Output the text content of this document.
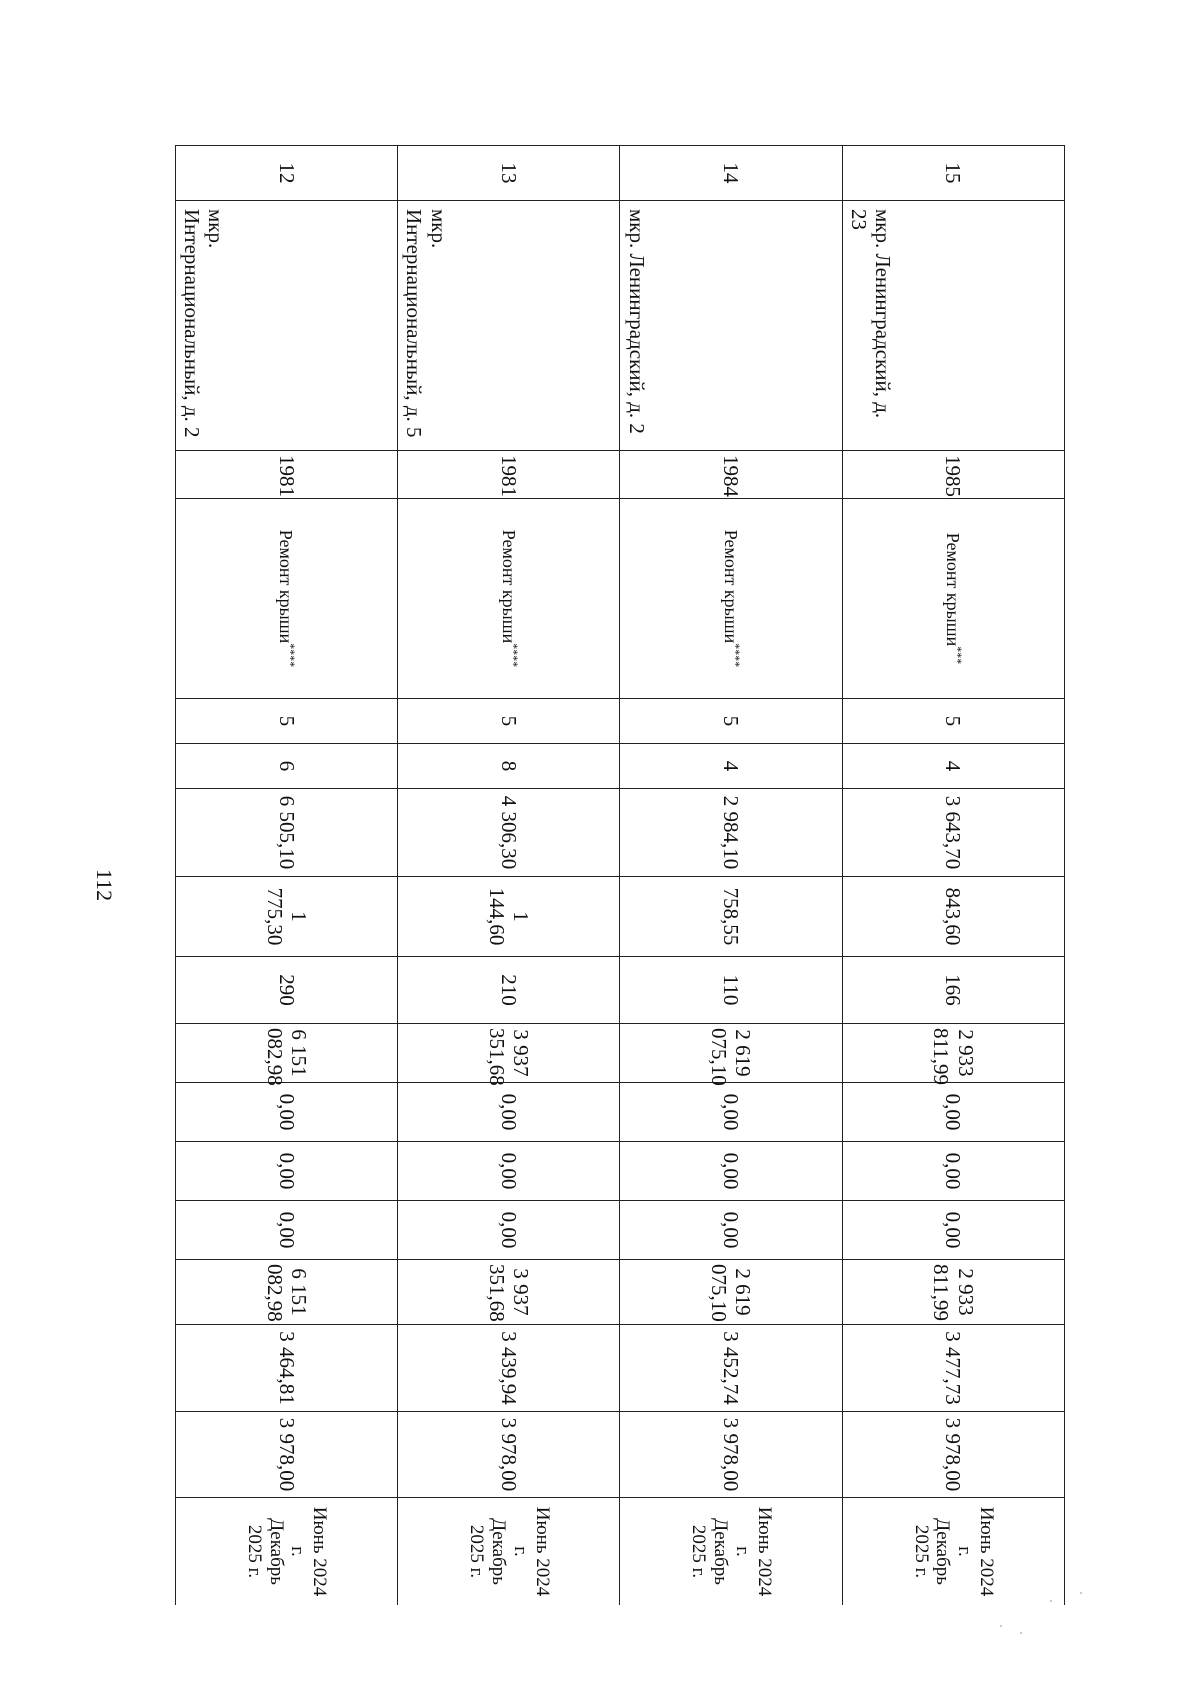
112
15	мкр. Ленинградский, д. 23	1985	Ремонт крыши***	5	4	3 643,70	843,60	166	2 933 811,99	0,00	0,00	0,00	2 933 811,99	3 477,73	3 978,00	Июнь 2024 г.
Декабрь 2025 г.

14	мкр. Ленинградский, д. 2	1984	Ремонт крыши****	5	4	2 984,10	758,55	110	2 619 075,10	0,00	0,00	0,00	2 619 075,10	3 452,74	3 978,00	Июнь 2024 г.
Декабрь 2025 г.

13	мкр. Интернациональный, д. 5	1981	Ремонт крыши****	5	8	4 306,30	1 144,60	210	3 937 351,68	0,00	0,00	0,00	3 937 351,68	3 439,94	3 978,00	Июнь 2024 г.
Декабрь 2025 г.

12	мкр. Интернациональный, д. 2	1981	Ремонт крыши****	5	6	6 505,10	1 775,30	290	6 151 082,98	0,00	0,00	0,00	6 151 082,98	3 464,81	3 978,00	Июнь 2024 г.
Декабрь 2025 г.
